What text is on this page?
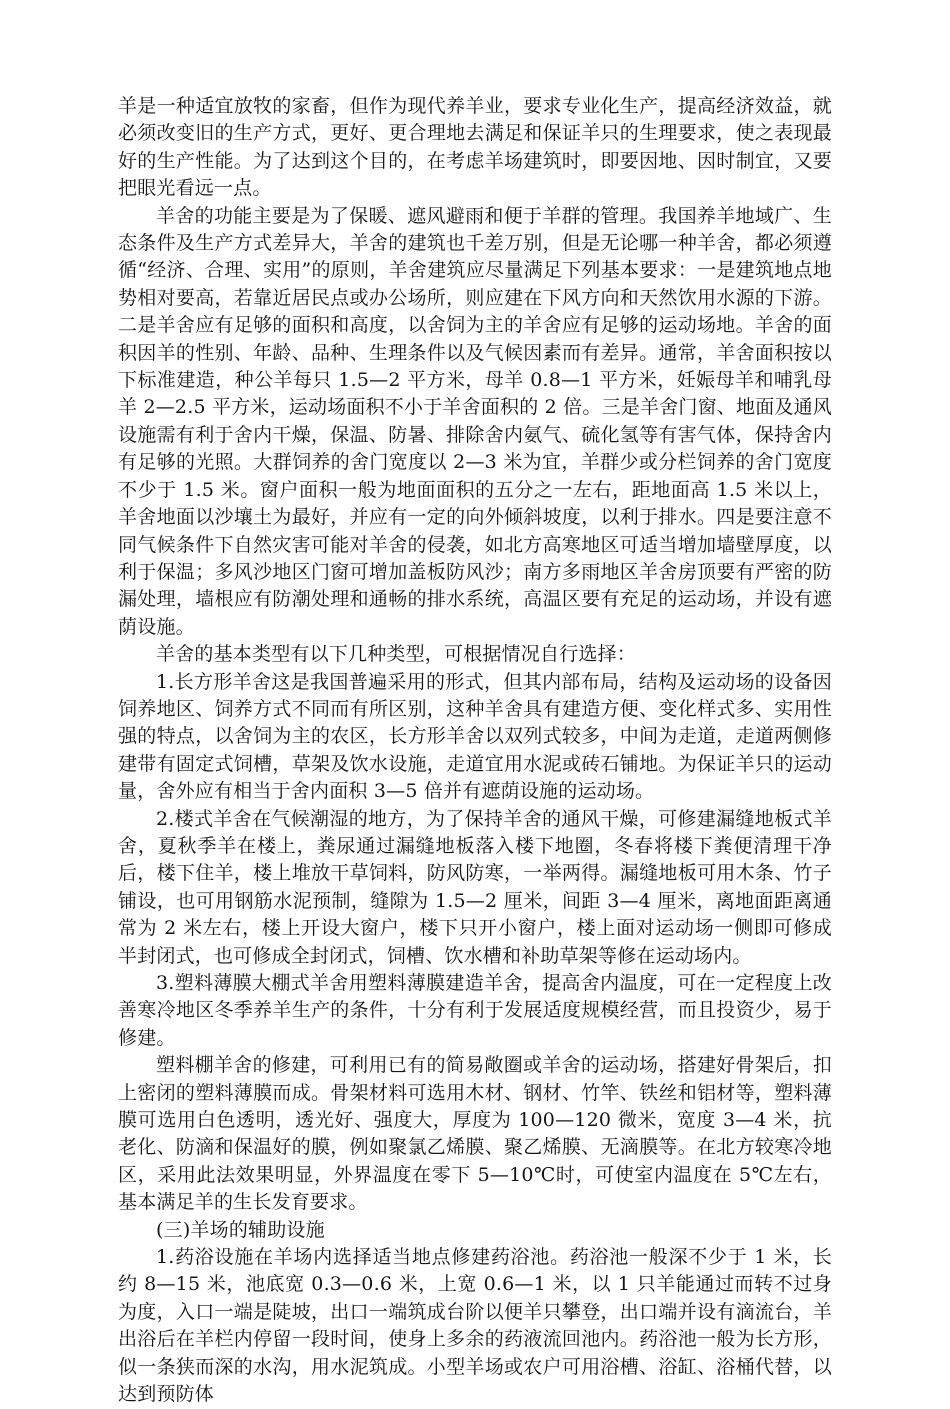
羊是一种适宜放牧的家畜，但作为现代养羊业，要求专业化生产，提高经济效益，就必须改变旧的生产方式，更好、更合理地去满足和保证羊只的生理要求，使之表现最好的生产性能。为了达到这个目的，在考虑羊场建筑时，即要因地、因时制宜，又要把眼光看远一点。

羊舍的功能主要是为了保暖、遮风避雨和便于羊群的管理。我国养羊地域广、生态条件及生产方式差异大，羊舍的建筑也千差万别，但是无论哪一种羊舍，都必须遵循“经济、合理、实用”的原则，羊舍建筑应尽量满足下列基本要求：一是建筑地点地势相对要高，若靠近居民点或办公场所，则应建在下风方向和天然饮用水源的下游。二是羊舍应有足够的面积和高度，以舍饲为主的羊舍应有足够的运动场地。羊舍的面积因羊的性别、年龄、品种、生理条件以及气候因素而有差异。通常，羊舍面积按以下标准建造，种公羊每只 1.5—2 平方米，母羊 0.8—1 平方米，妊娠母羊和哺乳母羊 2—2.5 平方米，运动场面积不小于羊舍面积的 2 倍。三是羊舍门窗、地面及通风设施需有利于舍内干燥，保温、防暑、排除舍内氨气、硫化氢等有害气体，保持舍内有足够的光照。大群饲养的舍门宽度以 2—3 米为宜，羊群少或分栏饲养的舍门宽度不少于 1.5 米。窗户面积一般为地面面积的五分之一左右，距地面高 1.5 米以上，羊舍地面以沙壤土为最好，并应有一定的向外倾斜坡度，以利于排水。四是要注意不同气候条件下自然灾害可能对羊舍的侵袭，如北方高寒地区可适当增加墙壁厚度，以利于保温；多风沙地区门窗可增加盖板防风沙；南方多雨地区羊舍房顶要有严密的防漏处理，墙根应有防潮处理和通畅的排水系统，高温区要有充足的运动场，并设有遮荫设施。

羊舍的基本类型有以下几种类型，可根据情况自行选择：

1.长方形羊舍这是我国普遍采用的形式，但其内部布局，结构及运动场的设备因饲养地区、饲养方式不同而有所区别，这种羊舍具有建造方便、变化样式多、实用性强的特点，以舍饲为主的农区，长方形羊舍以双列式较多，中间为走道，走道两侧修建带有固定式饲槽，草架及饮水设施，走道宜用水泥或砖石铺地。为保证羊只的运动量，舍外应有相当于舍内面积 3—5 倍并有遮荫设施的运动场。

2.楼式羊舍在气候潮湿的地方，为了保持羊舍的通风干燥，可修建漏缝地板式羊舍，夏秋季羊在楼上，粪尿通过漏缝地板落入楼下地圈，冬春将楼下粪便清理干净后，楼下住羊，楼上堆放干草饲料，防风防寒，一举两得。漏缝地板可用木条、竹子铺设，也可用钢筋水泥预制，缝隙为 1.5—2 厘米，间距 3—4 厘米，离地面距离通常为 2 米左右，楼上开设大窗户，楼下只开小窗户，楼上面对运动场一侧即可修成半封闭式，也可修成全封闭式，饲槽、饮水槽和补助草架等修在运动场内。

3.塑料薄膜大棚式羊舍用塑料薄膜建造羊舍，提高舍内温度，可在一定程度上改善寒冷地区冬季养羊生产的条件，十分有利于发展适度规模经营，而且投资少，易于修建。

塑料棚羊舍的修建，可利用已有的简易敞圈或羊舍的运动场，搭建好骨架后，扣上密闭的塑料薄膜而成。骨架材料可选用木材、钢材、竹竿、铁丝和铝材等，塑料薄膜可选用白色透明，透光好、强度大，厚度为 100—120 微米，宽度 3—4 米，抗老化、防滴和保温好的膜，例如聚氯乙烯膜、聚乙烯膜、无滴膜等。在北方较寒冷地区，采用此法效果明显，外界温度在零下 5—10℃时，可使室内温度在 5℃左右，基本满足羊的生长发育要求。

(三)羊场的辅助设施

1.药浴设施在羊场内选择适当地点修建药浴池。药浴池一般深不少于 1 米，长约 8—15 米，池底宽 0.3—0.6 米，上宽 0.6—1 米，以 1 只羊能通过而转不过身为度，入口一端是陡坡，出口一端筑成台阶以便羊只攀登，出口端并设有滴流台，羊出浴后在羊栏内停留一段时间，使身上多余的药液流回池内。药浴池一般为长方形，似一条狭而深的水沟，用水泥筑成。小型羊场或农户可用浴槽、浴缸、浴桶代替，以达到预防体
